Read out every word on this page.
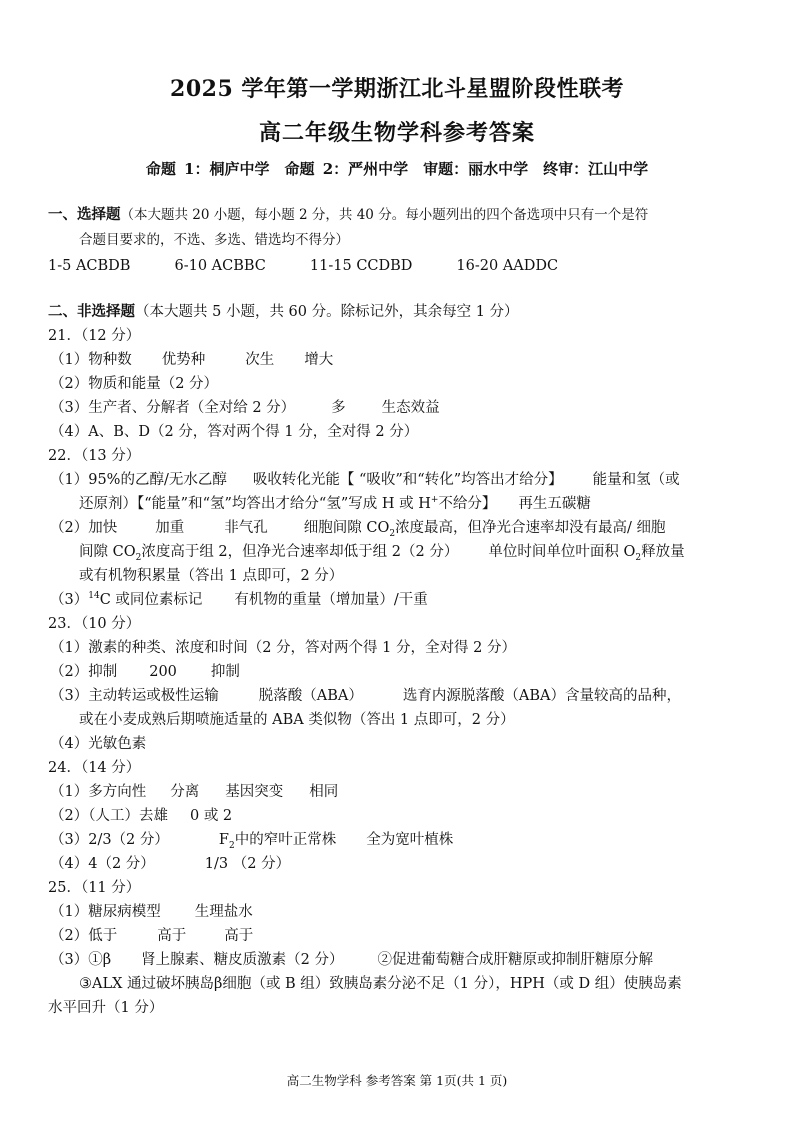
2025 学年第一学期浙江北斗星盟阶段性联考
高二年级生物学科参考答案
命题 1：桐庐中学　命题 2：严州中学　审题：丽水中学　终审：江山中学
一、选择题（本大题共 20 小题，每小题 2 分，共 40 分。每小题列出的四个备选项中只有一个是符
合题目要求的，不选、多选、错选均不得分）
1-5 ACBDB	6-10 ACBBC	11-15 CCDBD	16-20 AADDC
二、非选择题（本大题共 5 小题，共 60 分。除标记外，其余每空 1 分）
21．（12 分）
（1）物种数 优势种	次生 增大
（2）物质和能量（2 分）
（3）生产者、分解者（全对给 2 分） 多 生态效益
（4）A、B、D（2 分，答对两个得 1 分，全对得 2 分）
22．（13 分）
（1）95%的乙醇/无水乙醇 吸收转化光能【 “吸收”和“转化”均答出才给分】 能量和氢（或
还原剂）【“能量”和“氢”均答出才给分“氢”写成 H 或 H+不给分】 再生五碳糖
（2）加快	加重	非气孔 细胞间隙 $CO_2$浓度最高，但净光合速率却没有最高/ 细胞
间隙 $CO_2$浓度高于组 2，但净光合速率却低于组 2（2 分） 单位时间单位叶面积 $O_2$释放量
或有机物积累量（答出 1 点即可，2 分）
$(3)^{14}C$ 或同位素标记 有机物的重量（增加量）/干重
23．（10 分）
（1）激素的种类、浓度和时间（2 分，答对两个得 1 分，全对得 2 分）
（2）抑制 200 抑制
（3）主动转运或极性运输	脱落酸（ABA）	选育内源脱落酸（ABA）含量较高的品种，
或在小麦成熟后期喷施适量的 ABA 类似物（答出 1 点即可，2 分）
（4）光敏色素
24．（14 分）
（1）多方向性 分离 基因突变 相同
（2）（人工）去雄 0 或 2
（3）2/3（2 分）	$F_2$中的窄叶正常株 全为宽叶植株
（4）4（2 分）	1/3 （2 分）
25．（11 分）
（1）糖尿病模型 生理盐水
（2）低于	高于	高于
（3）①β 肾上腺素、糖皮质激素（2 分） ②促进葡萄糖合成肝糖原或抑制肝糖原分解
③ALX 通过破坏胰岛β细胞（或 B 组）致胰岛素分泌不足（1 分），HPH（或 D 组）使胰岛素
水平回升（1 分）
高二生物学科 参考答案 第 1页(共 1 页)
